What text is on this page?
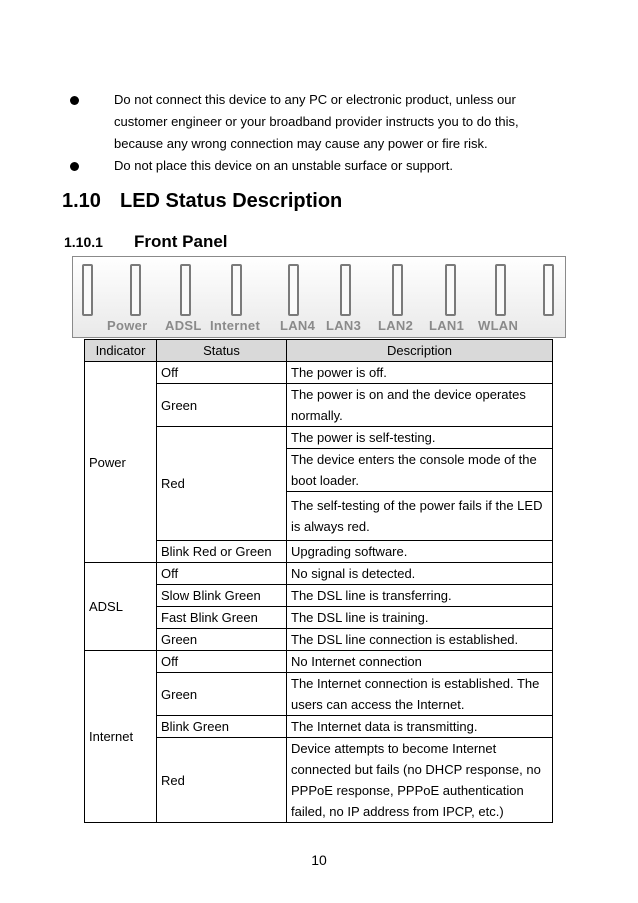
Do not connect this device to any PC or electronic product, unless our customer engineer or your broadband provider instructs you to do this, because any wrong connection may cause any power or fire risk.
Do not place this device on an unstable surface or support.
1.10 LED Status Description
1.10.1 Front Panel
Power ADSL Internet LAN4 LAN3 LAN2 LAN1 WLAN
Indicator	Status	Description
Power	Off	The power is off.
	Green	The power is on and the device operates normally.
	Red	The power is self-testing.
		The device enters the console mode of the boot loader.
		The self-testing of the power fails if the LED is always red.
	Blink Red or Green	Upgrading software.
ADSL	Off	No signal is detected.
	Slow Blink Green	The DSL line is transferring.
	Fast Blink Green	The DSL line is training.
	Green	The DSL line connection is established.
Internet	Off	No Internet connection
	Green	The Internet connection is established. The users can access the Internet.
	Blink Green	The Internet data is transmitting.
	Red	Device attempts to become Internet connected but fails (no DHCP response, no PPPoE response, PPPoE authentication failed, no IP address from IPCP, etc.)
10
